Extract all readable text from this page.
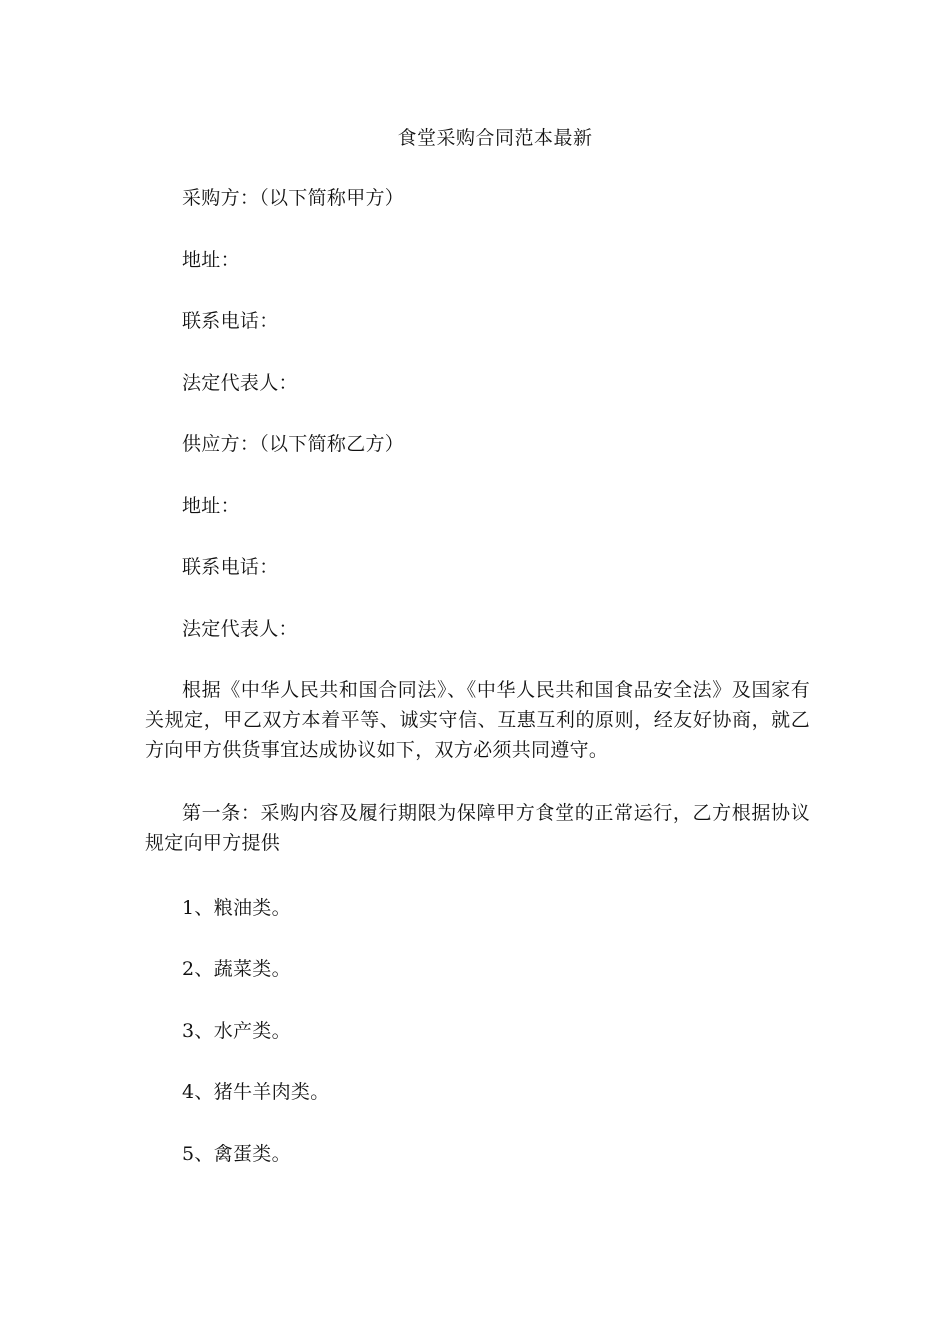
食堂采购合同范本最新
采购方：（以下简称甲方）
地址：
联系电话：
法定代表人：
供应方：（以下简称乙方）
地址：
联系电话：
法定代表人：
根据《中华人民共和国合同法》、《中华人民共和国食品安全法》及国家有关规定，甲乙双方本着平等、诚实守信、互惠互利的原则，经友好协商，就乙方向甲方供货事宜达成协议如下，双方必须共同遵守。
第一条：采购内容及履行期限为保障甲方食堂的正常运行，乙方根据协议规定向甲方提供
1、粮油类。
2、蔬菜类。
3、水产类。
4、猪牛羊肉类。
5、禽蛋类。
